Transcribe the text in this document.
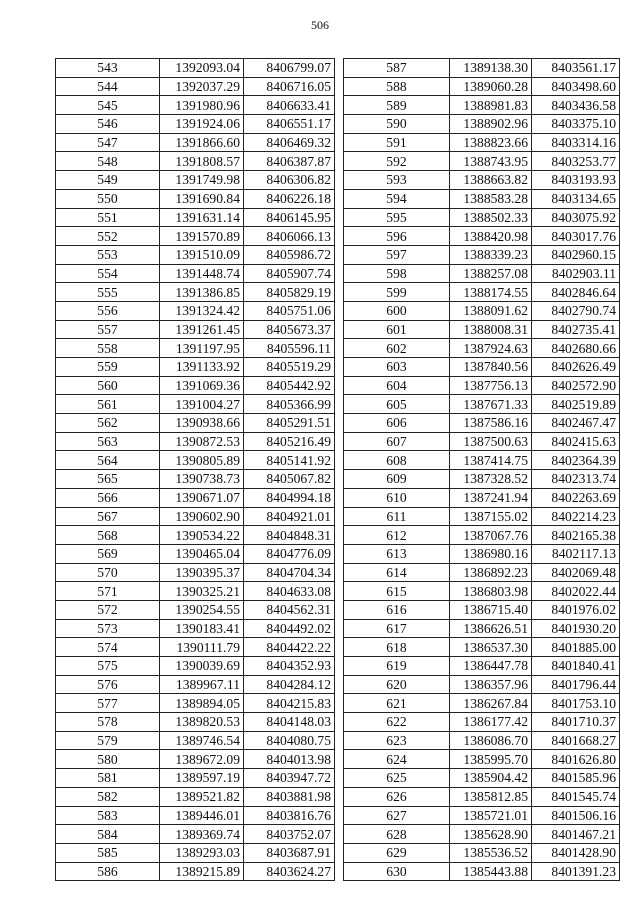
506
543	1392093.04	8406799.07
544	1392037.29	8406716.05
545	1391980.96	8406633.41
546	1391924.06	8406551.17
547	1391866.60	8406469.32
548	1391808.57	8406387.87
549	1391749.98	8406306.82
550	1391690.84	8406226.18
551	1391631.14	8406145.95
552	1391570.89	8406066.13
553	1391510.09	8405986.72
554	1391448.74	8405907.74
555	1391386.85	8405829.19
556	1391324.42	8405751.06
557	1391261.45	8405673.37
558	1391197.95	8405596.11
559	1391133.92	8405519.29
560	1391069.36	8405442.92
561	1391004.27	8405366.99
562	1390938.66	8405291.51
563	1390872.53	8405216.49
564	1390805.89	8405141.92
565	1390738.73	8405067.82
566	1390671.07	8404994.18
567	1390602.90	8404921.01
568	1390534.22	8404848.31
569	1390465.04	8404776.09
570	1390395.37	8404704.34
571	1390325.21	8404633.08
572	1390254.55	8404562.31
573	1390183.41	8404492.02
574	1390111.79	8404422.22
575	1390039.69	8404352.93
576	1389967.11	8404284.12
577	1389894.05	8404215.83
578	1389820.53	8404148.03
579	1389746.54	8404080.75
580	1389672.09	8404013.98
581	1389597.19	8403947.72
582	1389521.82	8403881.98
583	1389446.01	8403816.76
584	1389369.74	8403752.07
585	1389293.03	8403687.91
586	1389215.89	8403624.27
587	1389138.30	8403561.17
588	1389060.28	8403498.60
589	1388981.83	8403436.58
590	1388902.96	8403375.10
591	1388823.66	8403314.16
592	1388743.95	8403253.77
593	1388663.82	8403193.93
594	1388583.28	8403134.65
595	1388502.33	8403075.92
596	1388420.98	8403017.76
597	1388339.23	8402960.15
598	1388257.08	8402903.11
599	1388174.55	8402846.64
600	1388091.62	8402790.74
601	1388008.31	8402735.41
602	1387924.63	8402680.66
603	1387840.56	8402626.49
604	1387756.13	8402572.90
605	1387671.33	8402519.89
606	1387586.16	8402467.47
607	1387500.63	8402415.63
608	1387414.75	8402364.39
609	1387328.52	8402313.74
610	1387241.94	8402263.69
611	1387155.02	8402214.23
612	1387067.76	8402165.38
613	1386980.16	8402117.13
614	1386892.23	8402069.48
615	1386803.98	8402022.44
616	1386715.40	8401976.02
617	1386626.51	8401930.20
618	1386537.30	8401885.00
619	1386447.78	8401840.41
620	1386357.96	8401796.44
621	1386267.84	8401753.10
622	1386177.42	8401710.37
623	1386086.70	8401668.27
624	1385995.70	8401626.80
625	1385904.42	8401585.96
626	1385812.85	8401545.74
627	1385721.01	8401506.16
628	1385628.90	8401467.21
629	1385536.52	8401428.90
630	1385443.88	8401391.23
